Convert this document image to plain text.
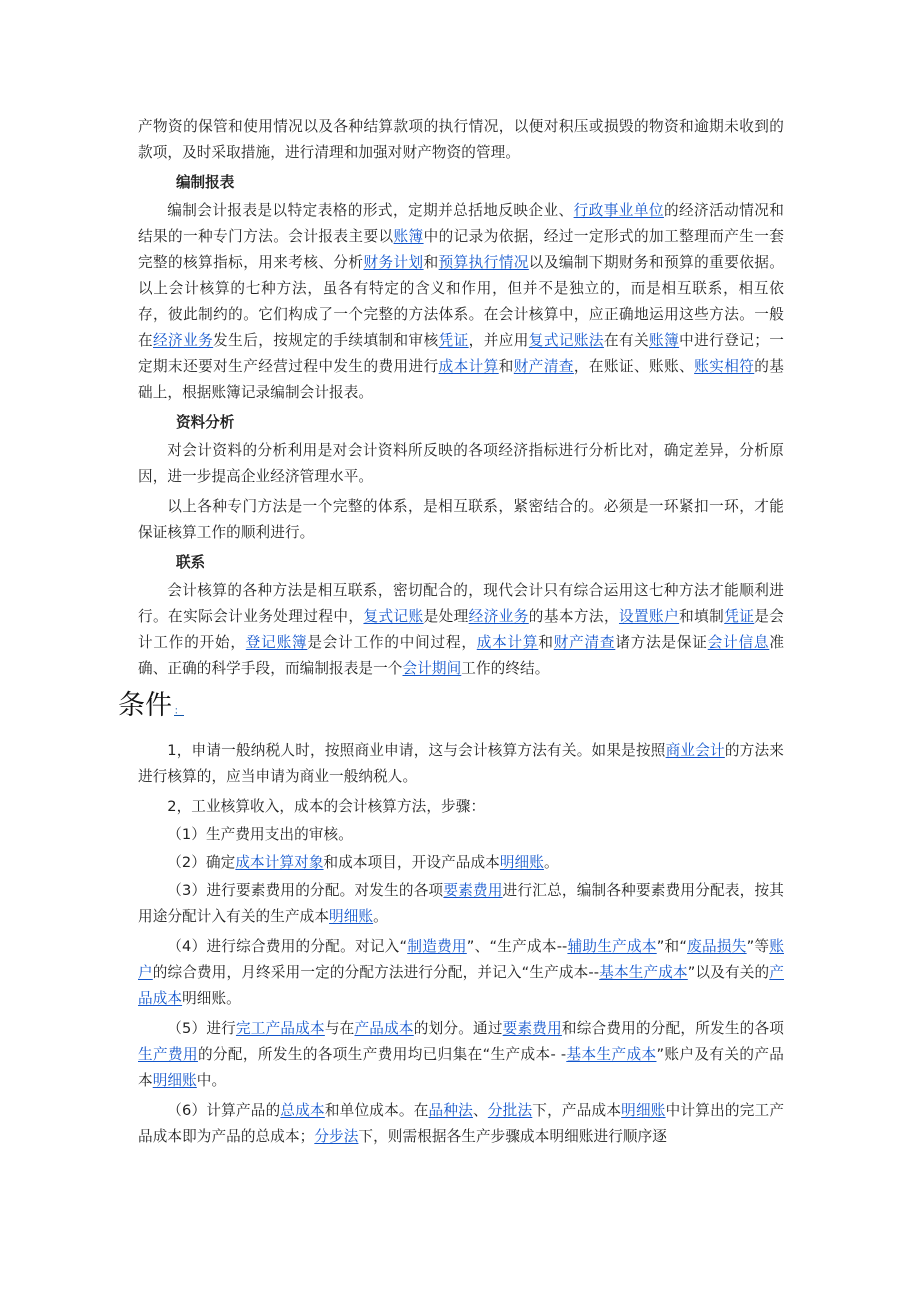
产物资的保管和使用情况以及各种结算款项的执行情况，以便对积压或损毁的物资和逾期未收到的款项，及时采取措施，进行清理和加强对财产物资的管理。

编制报表

编制会计报表是以特定表格的形式，定期并总括地反映企业、行政事业单位的经济活动情况和结果的一种专门方法。会计报表主要以账簿中的记录为依据，经过一定形式的加工整理而产生一套完整的核算指标，用来考核、分析财务计划和预算执行情况以及编制下期财务和预算的重要依据。 以上会计核算的七种方法，虽各有特定的含义和作用，但并不是独立的，而是相互联系，相互依存，彼此制约的。它们构成了一个完整的方法体系。在会计核算中，应正确地运用这些方法。一般在经济业务发生后，按规定的手续填制和审核凭证，并应用复式记账法在有关账簿中进行登记；一定期末还要对生产经营过程中发生的费用进行成本计算和财产清查，在账证、账账、账实相符的基础上，根据账簿记录编制会计报表。

资料分析

对会计资料的分析利用是对会计资料所反映的各项经济指标进行分析比对，确定差异，分析原因，进一步提高企业经济管理水平。

以上各种专门方法是一个完整的体系，是相互联系，紧密结合的。必须是一环紧扣一环，才能保证核算工作的顺利进行。

联系

会计核算的各种方法是相互联系，密切配合的，现代会计只有综合运用这七种方法才能顺利进行。在实际会计业务处理过程中，复式记账是处理经济业务的基本方法，设置账户和填制凭证是会计工作的开始，登记账簿是会计工作的中间过程，成本计算和财产清查诸方法是保证会计信息准确、正确的科学手段，而编制报表是一个会计期间工作的终结。

条件 ：

1，申请一般纳税人时，按照商业申请，这与会计核算方法有关。如果是按照商业会计的方法来进行核算的，应当申请为商业一般纳税人。

2，工业核算收入，成本的会计核算方法，步骤：

（1）生产费用支出的审核。

（2）确定成本计算对象和成本项目，开设产品成本明细账。

（3）进行要素费用的分配。对发生的各项要素费用进行汇总，编制各种要素费用分配表，按其用途分配计入有关的生产成本明细账。

（4）进行综合费用的分配。对记入“制造费用”、“生产成本--辅助生产成本”和“废品损失”等账户的综合费用，月终采用一定的分配方法进行分配，并记入“生产成本--基本生产成本”以及有关的产品成本明细账。

（5）进行完工产品成本与在产品成本的划分。通过要素费用和综合费用的分配，所发生的各项生产费用的分配，所发生的各项生产费用均已归集在“生产成本- -基本生产成本”账户及有关的产品本明细账中。

（6）计算产品的总成本和单位成本。在品种法、分批法下，产品成本明细账中计算出的完工产品成本即为产品的总成本；分步法下，则需根据各生产步骤成本明细账进行顺序逐
